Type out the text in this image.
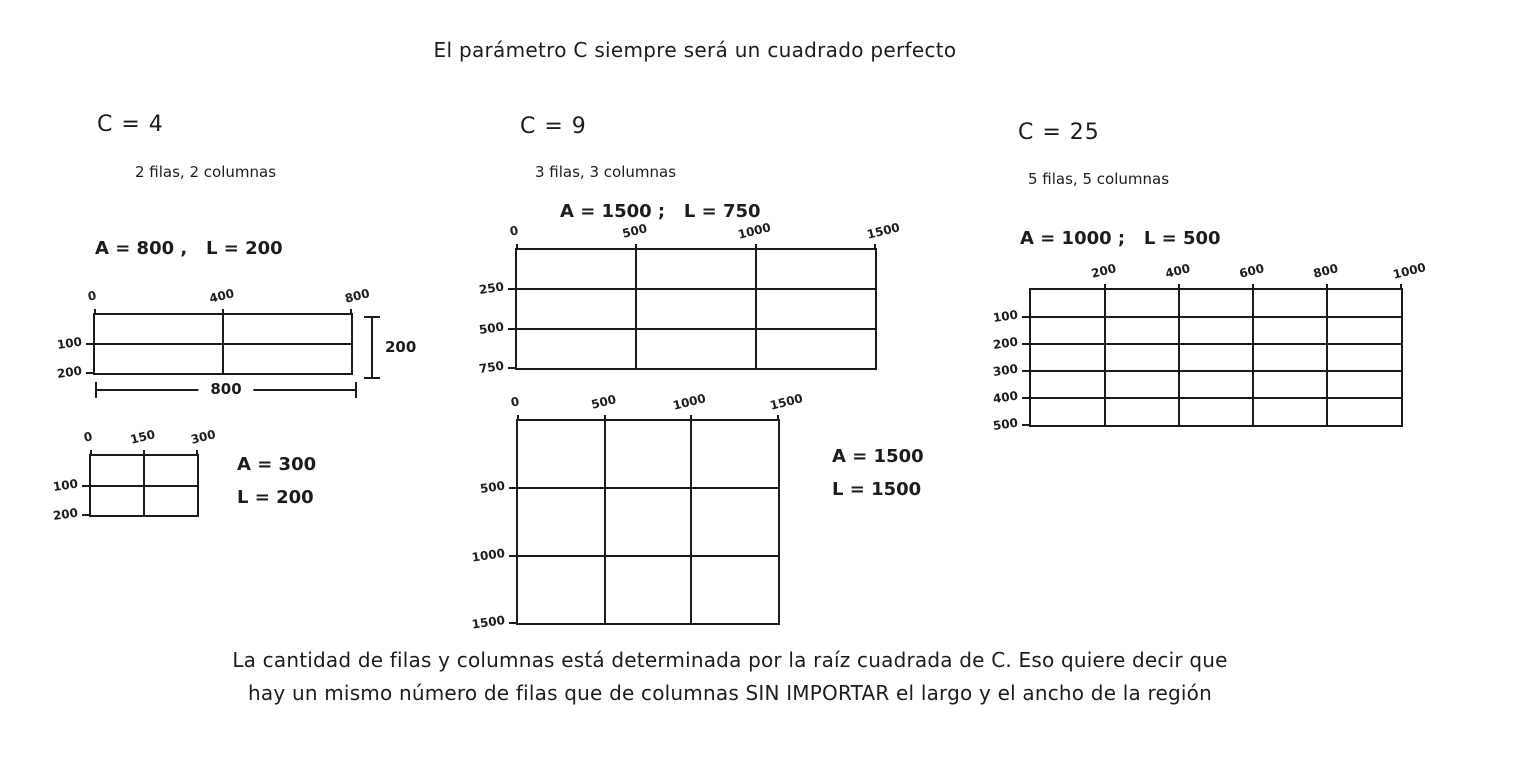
El parámetro C siempre será un cuadrado perfecto
C = 4
2 filas, 2 columnas
A = 800 ,   L = 200
C = 9
3 filas, 3 columnas
A = 1500 ;   L = 750
C = 25
5 filas, 5 columnas
A = 1000 ;   L = 500
0	400	800
100
200
800
200
0	150	300
100
200
A = 300
L = 200
0	500	1000	1500
250
500
750
0	500	1000	1500
500
1000
1500
A = 1500
L = 1500
200	400	600	800	1000
100
200
300
400
500
La cantidad de filas y columnas está determinada por la raíz cuadrada de C. Eso quiere decir que
hay un mismo número de filas que de columnas SIN IMPORTAR el largo y el ancho de la región
